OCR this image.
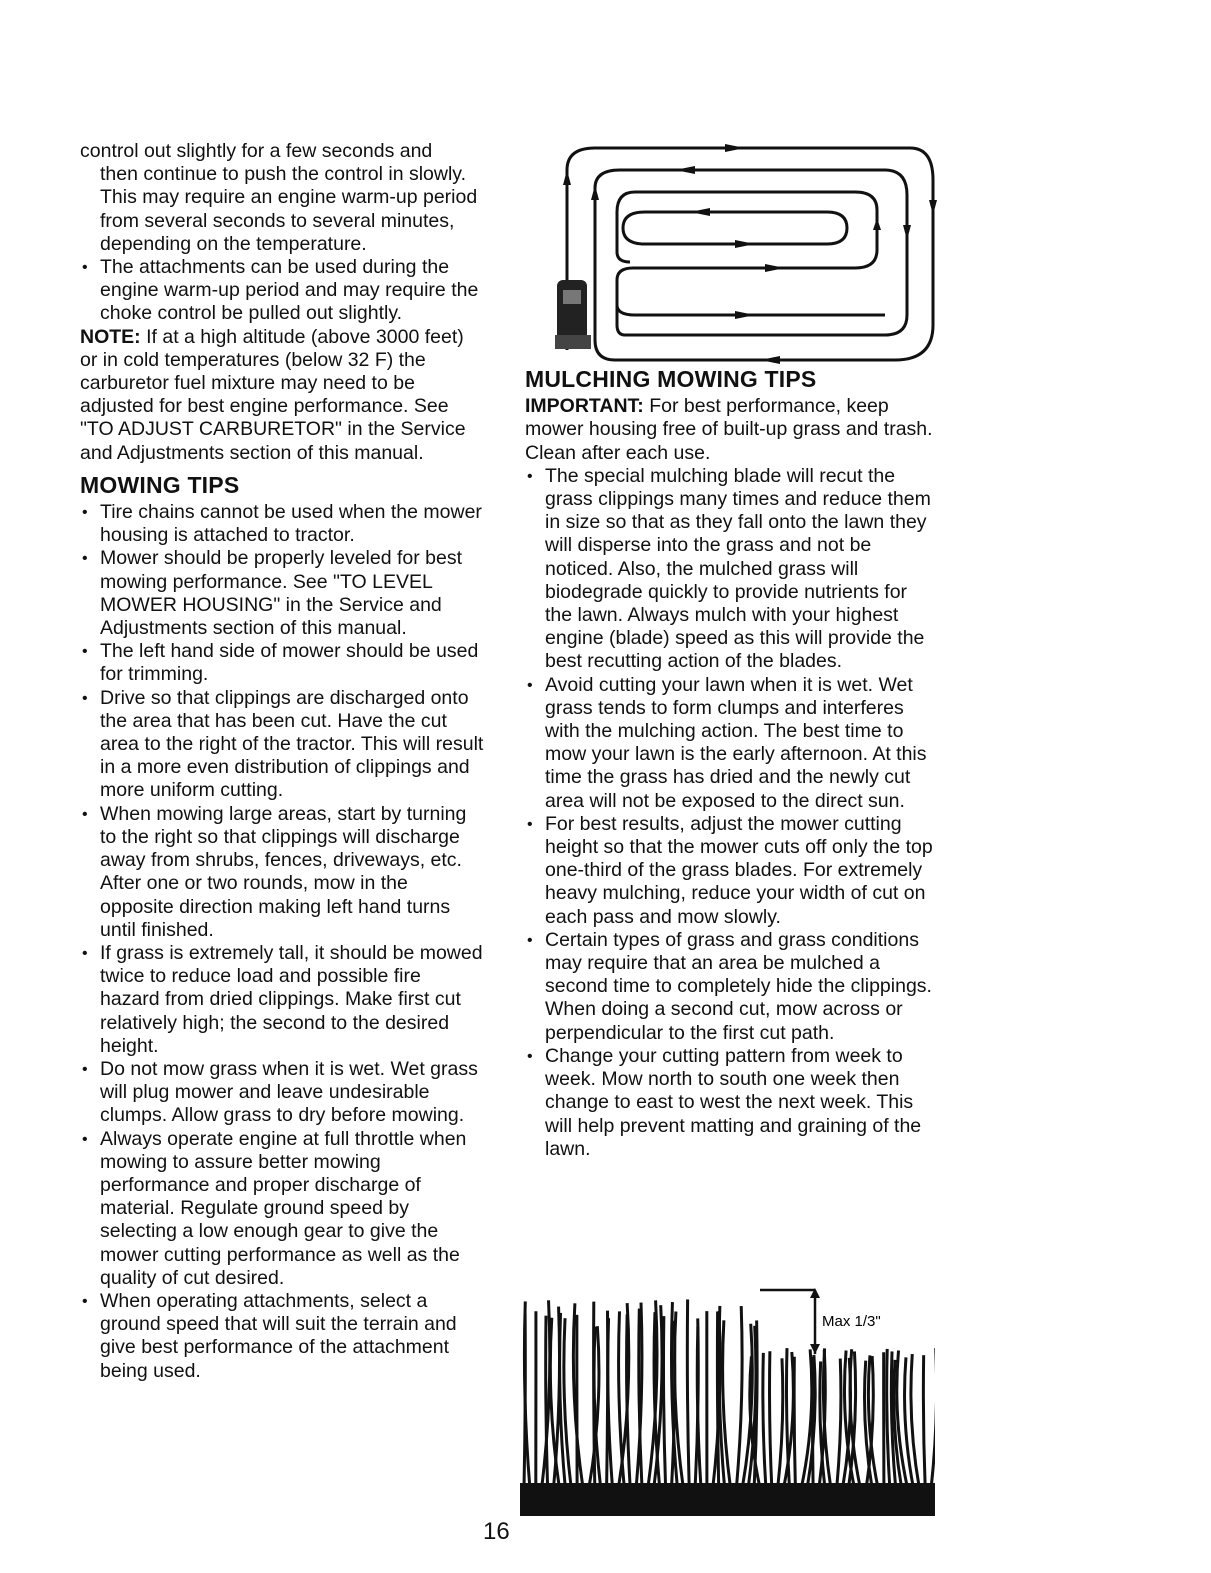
control out slightly for a few seconds and

then continue to push the control in slowly. This may require an engine warm-up period from several seconds to several minutes, depending on the temperature.

• The attachments can be used during the engine warm-up period and may require the choke control be pulled out slightly.

NOTE: If at a high altitude (above 3000 feet) or in cold temperatures (below 32 F) the carburetor fuel mixture may need to be adjusted for best engine performance. See "TO ADJUST CARBURETOR" in the Service and Adjustments section of this manual.

MOWING TIPS

• Tire chains cannot be used when the mower housing is attached to tractor.

• Mower should be properly leveled for best mowing performance. See "TO LEVEL MOWER HOUSING" in the Service and Adjustments section of this manual.

• The left hand side of mower should be used for trimming.

• Drive so that clippings are discharged onto the area that has been cut. Have the cut area to the right of the tractor. This will result in a more even distribution of clippings and more uniform cutting.

• When mowing large areas, start by turning to the right so that clippings will discharge away from shrubs, fences, driveways, etc. After one or two rounds, mow in the opposite direction making left hand turns until finished.

• If grass is extremely tall, it should be mowed twice to reduce load and possible fire hazard from dried clippings. Make first cut relatively high; the second to the desired height.

• Do not mow grass when it is wet. Wet grass will plug mower and leave undesirable clumps. Allow grass to dry before mowing.

• Always operate engine at full throttle when mowing to assure better mowing performance and proper discharge of material. Regulate ground speed by selecting a low enough gear to give the mower cutting performance as well as the quality of cut desired.

• When operating attachments, select a ground speed that will suit the terrain and give best performance of the attachment being used.

MULCHING MOWING TIPS

IMPORTANT: For best performance, keep mower housing free of built-up grass and trash. Clean after each use.

• The special mulching blade will recut the grass clippings many times and reduce them in size so that as they fall onto the lawn they will disperse into the grass and not be noticed. Also, the mulched grass will biodegrade quickly to provide nutrients for the lawn. Always mulch with your highest engine (blade) speed as this will provide the best recutting action of the blades.

• Avoid cutting your lawn when it is wet. Wet grass tends to form clumps and interferes with the mulching action. The best time to mow your lawn is the early afternoon. At this time the grass has dried and the newly cut area will not be exposed to the direct sun.

• For best results, adjust the mower cutting height so that the mower cuts off only the top one-third of the grass blades. For extremely heavy mulching, reduce your width of cut on each pass and mow slowly.

• Certain types of grass and grass conditions may require that an area be mulched a second time to completely hide the clippings. When doing a second cut, mow across or perpendicular to the first cut path.

• Change your cutting pattern from week to week. Mow north to south one week then change to east to west the next week. This will help prevent matting and graining of the lawn.

Max 1/3"
16
